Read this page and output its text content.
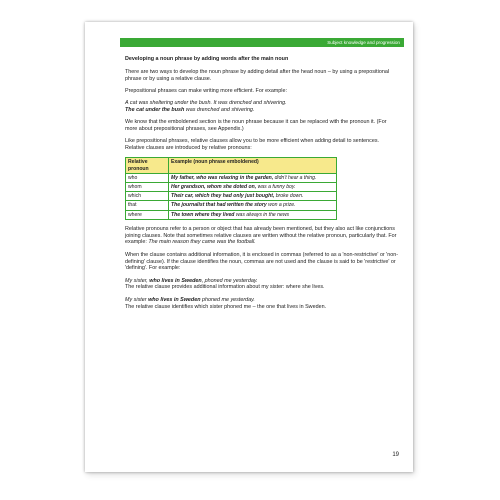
Subject knowledge and progression

Developing a noun phrase by adding words after the main noun

There are two ways to develop the noun phrase by adding detail after the head noun – by using a prepositional phrase or by using a relative clause.

Prepositional phrases can make writing more efficient. For example:

A cat was sheltering under the bush. It was drenched and shivering.
The cat under the bush was drenched and shivering.

We know that the emboldened section is the noun phrase because it can be replaced with the pronoun it. (For more about prepositional phrases, see Appendix.)

Like prepositional phrases, relative clauses allow you to be more efficient when adding detail to sentences. Relative clauses are introduced by relative pronouns:

Relative pronoun	Example (noun phrase emboldened)
who	My father, who was relaxing in the garden, didn't hear a thing.
whom	Her grandson, whom she doted on, was a funny boy.
which	Their car, which they had only just bought, broke down.
that	The journalist that had written the story won a prize.
where	The town where they lived was always in the news

Relative pronouns refer to a person or object that has already been mentioned, but they also act like conjunctions joining clauses. Note that sometimes relative clauses are written without the relative pronoun, particularly that. For example: The main reason they came was the football.

When the clause contains additional information, it is enclosed in commas (referred to as a 'non-restrictive' or 'non-defining' clause). If the clause identifies the noun, commas are not used and the clause is said to be 'restrictive' or 'defining'. For example:

My sister, who lives in Sweden, phoned me yesterday.
The relative clause provides additional information about my sister: where she lives.

My sister who lives in Sweden phoned me yesterday.
The relative clause identifies which sister phoned me – the one that lives in Sweden.

19
